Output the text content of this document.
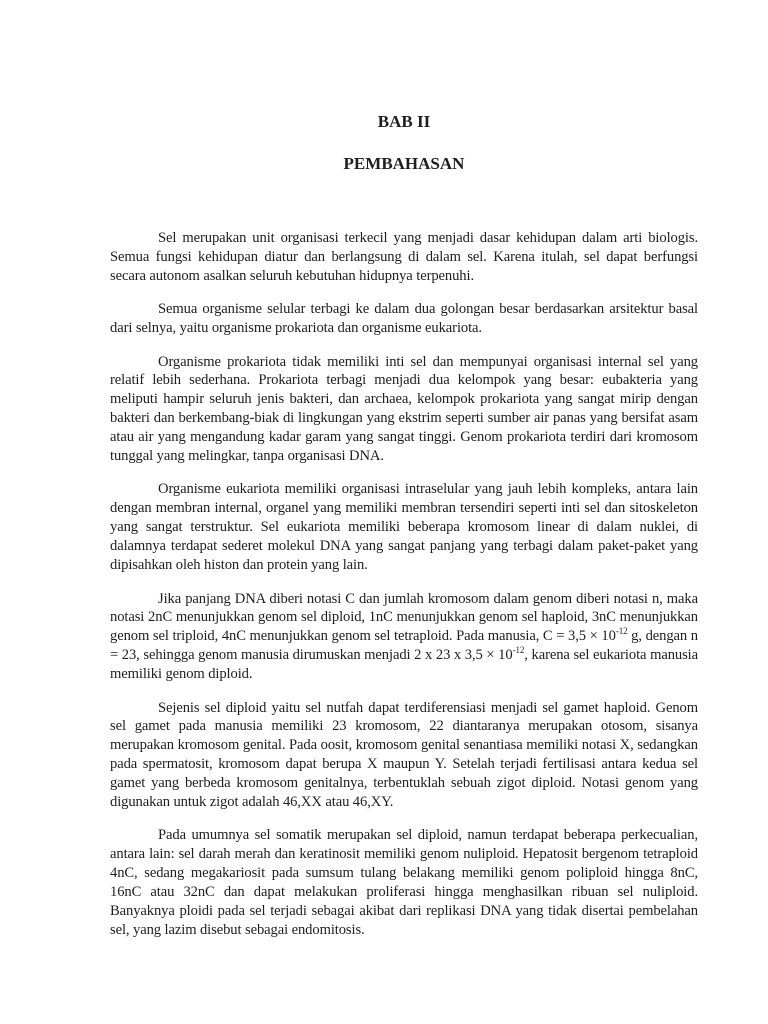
BAB II
PEMBAHASAN

Sel merupakan unit organisasi terkecil yang menjadi dasar kehidupan dalam arti biologis. Semua fungsi kehidupan diatur dan berlangsung di dalam sel. Karena itulah, sel dapat berfungsi secara autonom asalkan seluruh kebutuhan hidupnya terpenuhi.

Semua organisme selular terbagi ke dalam dua golongan besar berdasarkan arsitektur basal dari selnya, yaitu organisme prokariota dan organisme eukariota.

Organisme prokariota tidak memiliki inti sel dan mempunyai organisasi internal sel yang relatif lebih sederhana. Prokariota terbagi menjadi dua kelompok yang besar: eubakteria yang meliputi hampir seluruh jenis bakteri, dan archaea, kelompok prokariota yang sangat mirip dengan bakteri dan berkembang-biak di lingkungan yang ekstrim seperti sumber air panas yang bersifat asam atau air yang mengandung kadar garam yang sangat tinggi. Genom prokariota terdiri dari kromosom tunggal yang melingkar, tanpa organisasi DNA.

Organisme eukariota memiliki organisasi intraselular yang jauh lebih kompleks, antara lain dengan membran internal, organel yang memiliki membran tersendiri seperti inti sel dan sitoskeleton yang sangat terstruktur. Sel eukariota memiliki beberapa kromosom linear di dalam nuklei, di dalamnya terdapat sederet molekul DNA yang sangat panjang yang terbagi dalam paket-paket yang dipisahkan oleh histon dan protein yang lain.

Jika panjang DNA diberi notasi C dan jumlah kromosom dalam genom diberi notasi n, maka notasi 2nC menunjukkan genom sel diploid, 1nC menunjukkan genom sel haploid, 3nC menunjukkan genom sel triploid, 4nC menunjukkan genom sel tetraploid. Pada manusia, $C = 3,5 \times 10^{-12}$ g, dengan n = 23, sehingga genom manusia dirumuskan menjadi 2 x 23 x $3,5 \times 10^{-12}$, karena sel eukariota manusia memiliki genom diploid.

Sejenis sel diploid yaitu sel nutfah dapat terdiferensiasi menjadi sel gamet haploid. Genom sel gamet pada manusia memiliki 23 kromosom, 22 diantaranya merupakan otosom, sisanya merupakan kromosom genital. Pada oosit, kromosom genital senantiasa memiliki notasi X, sedangkan pada spermatosit, kromosom dapat berupa X maupun Y. Setelah terjadi fertilisasi antara kedua sel gamet yang berbeda kromosom genitalnya, terbentuklah sebuah zigot diploid. Notasi genom yang digunakan untuk zigot adalah 46,XX atau 46,XY.

Pada umumnya sel somatik merupakan sel diploid, namun terdapat beberapa perkecualian, antara lain: sel darah merah dan keratinosit memiliki genom nuliploid. Hepatosit bergenom tetraploid 4nC, sedang megakariosit pada sumsum tulang belakang memiliki genom poliploid hingga 8nC, 16nC atau 32nC dan dapat melakukan proliferasi hingga menghasilkan ribuan sel nuliploid. Banyaknya ploidi pada sel terjadi sebagai akibat dari replikasi DNA yang tidak disertai pembelahan sel, yang lazim disebut sebagai endomitosis.
